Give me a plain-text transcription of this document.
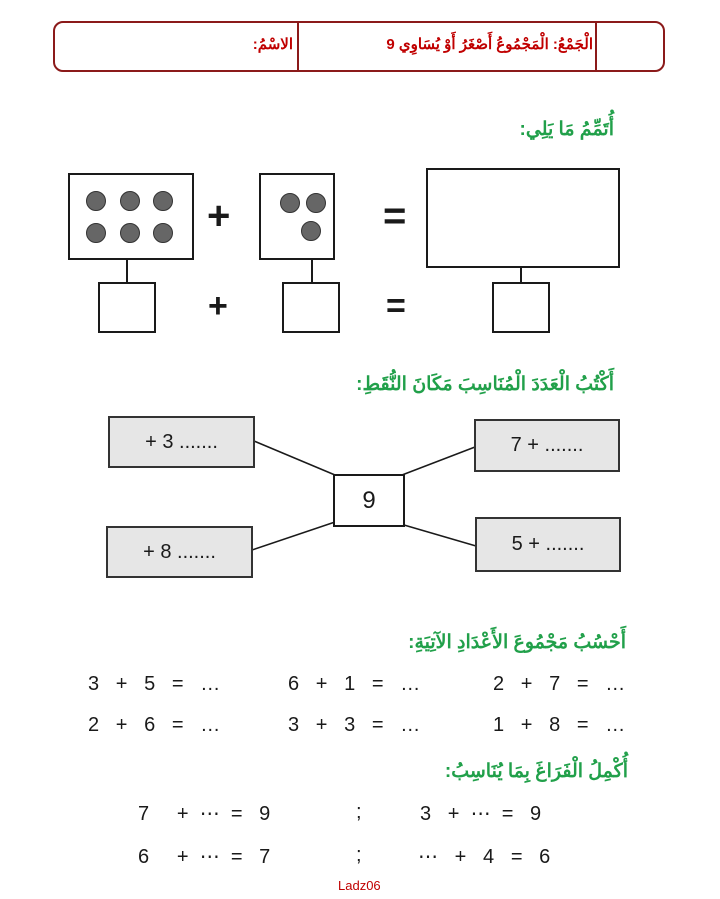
الْجَمْعُ: الْمَجْمُوعُ أَصْغَرُ أَوْ يُسَاوِي 9
الاسْمُ:
أُتَمِّمُ مَا يَلِي:
+
+
=
=
أَكْتُبُ الْعَدَدَ الْمُنَاسِبَ مَكَانَ النُّقَطِ:
9
+ 3 .......	7 + .......
+ 8 .......	5 + .......
أَحْسُبُ مَجْمُوعَ الأَعْدَادِ الآتِيَةِ:
3   +   5   =   …	6   +   1   =   …	2   +   7   =   …
2   +   6   =   …	3   +   3   =   …	1   +   8   =   …
أُكْمِلُ الْفَرَاغَ بِمَا يُنَاسِبُ:
7     +  ⋯  =   9	;	3   +  ⋯  =   9
6     +  ⋯  =   7	;	⋯   +   4   =   6
Ladz06
